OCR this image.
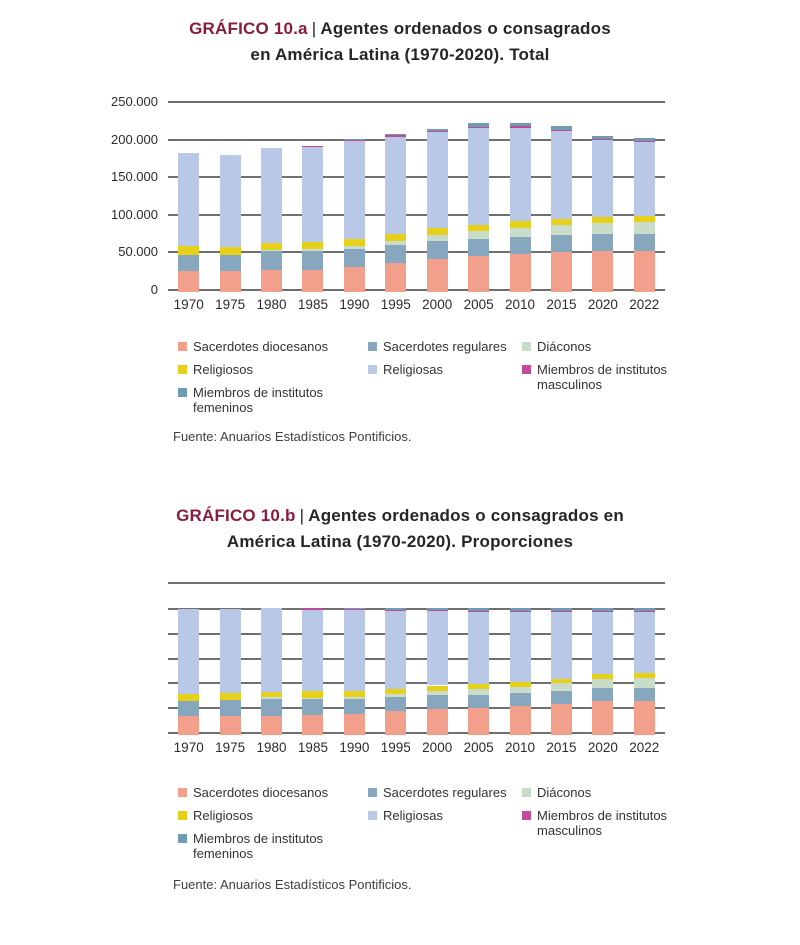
GRÁFICO 10.a | Agentes ordenados o consagrados
en América Latina (1970-2020). Total
0
50.000
100.000
150.000
200.000
250.000
1970 1975 1980 1985 1990 1995 2000 2005 2010 2015 2020 2022
Sacerdotes diocesanos
Religiosos
Miembros de institutos femeninos
Sacerdotes regulares
Religiosas
Diáconos
Miembros de institutos masculinos
Fuente: Anuarios Estadísticos Pontificios.
GRÁFICO 10.b | Agentes ordenados o consagrados en
América Latina (1970-2020). Proporciones
1970 1975 1980 1985 1990 1995 2000 2005 2010 2015 2020 2022
Sacerdotes diocesanos
Religiosos
Miembros de institutos femeninos
Sacerdotes regulares
Religiosas
Diáconos
Miembros de institutos masculinos
Fuente: Anuarios Estadísticos Pontificios.
